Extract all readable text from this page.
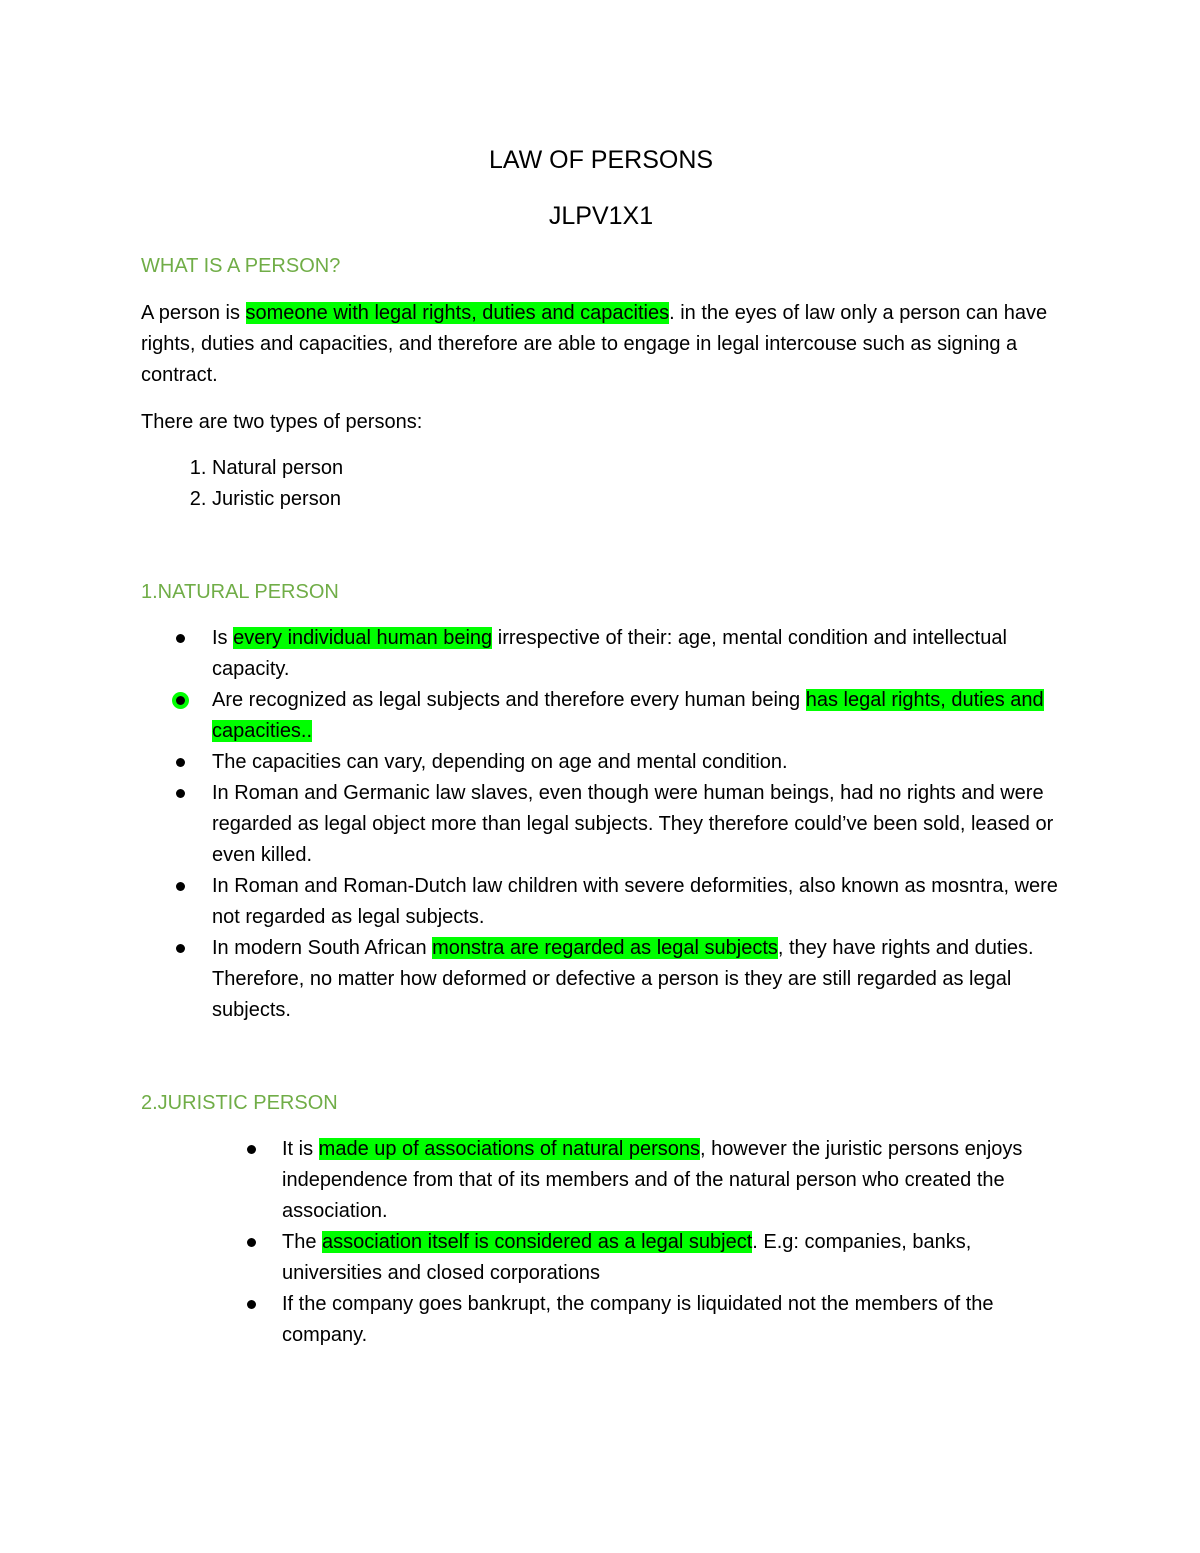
LAW OF PERSONS
JLPV1X1
WHAT IS A PERSON?

A person is someone with legal rights, duties and capacities. in the eyes of law only a person can have rights, duties and capacities, and therefore are able to engage in legal intercouse such as signing a contract.

There are two types of persons:

1. Natural person
2. Juristic person
1.NATURAL PERSON
Is every individual human being irrespective of their: age, mental condition and intellectual capacity.
Are recognized as legal subjects and therefore every human being has legal rights, duties and capacities..
The capacities can vary, depending on age and mental condition.
In Roman and Germanic law slaves, even though were human beings, had no rights and were regarded as legal object more than legal subjects. They therefore could’ve been sold, leased or even killed.
In Roman and Roman-Dutch law children with severe deformities, also known as mosntra, were not regarded as legal subjects.
In modern South African monstra are regarded as legal subjects, they have rights and duties. Therefore, no matter how deformed or defective a person is they are still regarded as legal subjects.
2.JURISTIC PERSON
It is made up of associations of natural persons, however the juristic persons enjoys independence from that of its members and of the natural person who created the association.
The association itself is considered as a legal subject. E.g: companies, banks, universities and closed corporations
If the company goes bankrupt, the company is liquidated not the members of the company.
